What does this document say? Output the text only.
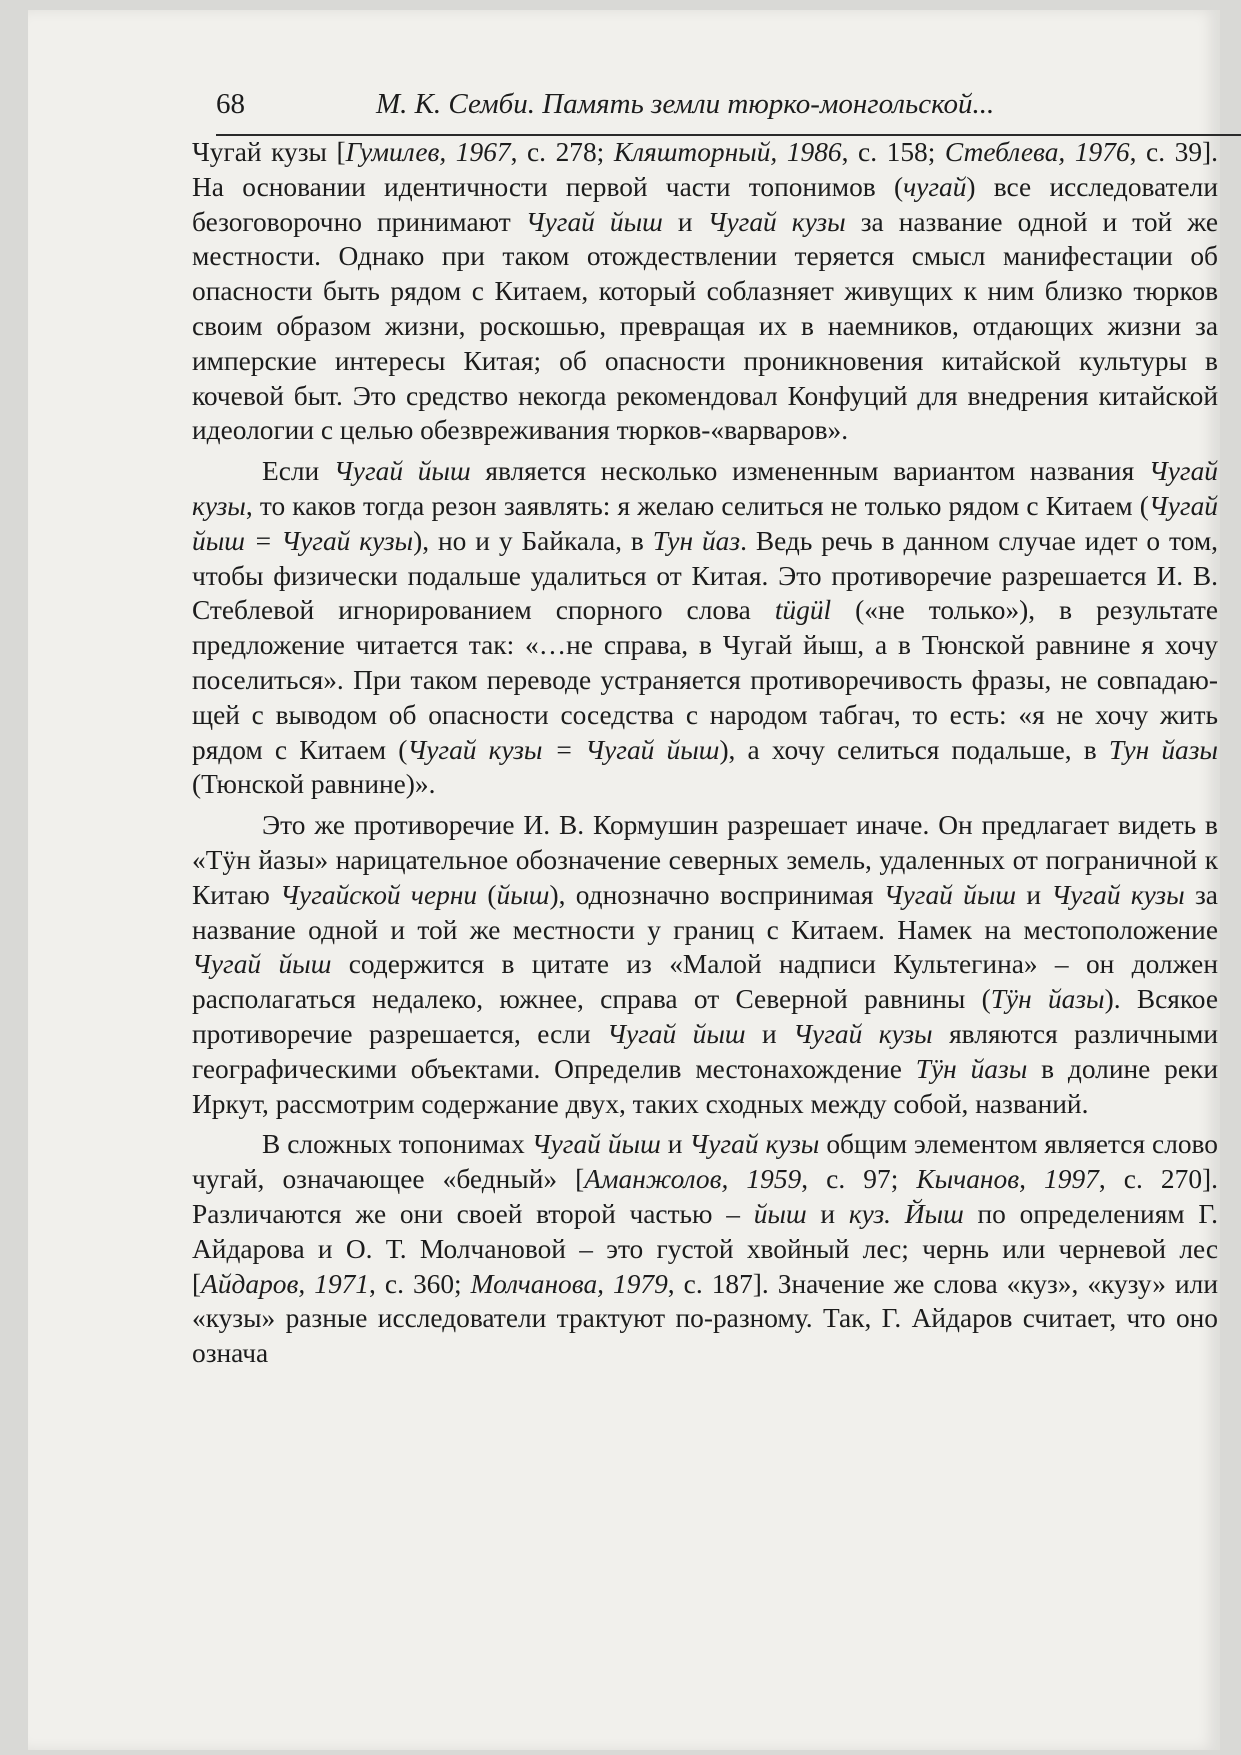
68	М. К. Семби. Память земли тюрко-монгольской...

Чугай кузы [Гумилев, 1967, с. 278; Кляшторный, 1986, с. 158; Стеблева, 1976, с. 39]. На основании идентичности первой части топонимов (чугай) все исследователи безоговорочно принимают Чугай йыш и Чугай кузы за название одной и той же местности. Однако при таком отождествлении теряется смысл манифестации об опасности быть рядом с Китаем, который соблазняет живущих к ним близко тюрков своим образом жизни, роскошью, превращая их в наемников, отдающих жизни за имперские интересы Китая; об опасности проникновения китайской культуры в кочевой быт. Это средство некогда рекомендовал Конфуций для внедрения китайской идеологии с целью обезвреживания тюрков-«варваров».

Если Чугай йыш является несколько измененным вариантом названия Чугай кузы, то каков тогда резон заявлять: я желаю селиться не только рядом с Китаем (Чугай йыш = Чугай кузы), но и у Байкала, в Тун йаз. Ведь речь в данном случае идет о том, чтобы физически подальше удалиться от Китая. Это противоречие разрешается И. В. Стеблевой игнорированием спорного слова tügül («не только»), в результате предложение читается так: «…не справа, в Чугай йыш, а в Тюнской равнине я хочу поселиться». При таком переводе устраняется противоречивость фразы, не совпадающей с выводом об опасности соседства с народом табгач, то есть: «я не хочу жить рядом с Китаем (Чугай кузы = Чугай йыш), а хочу селиться подальше, в Тун йазы (Тюнской равнине)».

Это же противоречие И. В. Кормушин разрешает иначе. Он предлагает видеть в «Тӱн йазы» нарицательное обозначение северных земель, удаленных от пограничной к Китаю Чугайской черни (йыш), однозначно воспринимая Чугай йыш и Чугай кузы за название одной и той же местности у границ с Китаем. Намек на местоположение Чугай йыш содержится в цитате из «Малой надписи Культегина» – он должен располагаться недалеко, южнее, справа от Северной равнины (Тӱн йазы). Всякое противоречие разрешается, если Чугай йыш и Чугай кузы являются различными географическими объектами. Определив местонахождение Тӱн йазы в долине реки Иркут, рассмотрим содержание двух, таких сходных между собой, названий.

В сложных топонимах Чугай йыш и Чугай кузы общим элементом является слово чугай, означающее «бедный» [Аманжолов, 1959, с. 97; Кычанов, 1997, с. 270]. Различаются же они своей второй частью – йыш и куз. Йыш по определениям Г. Айдарова и О. Т. Молчановой – это густой хвойный лес; чернь или черневой лес [Айдаров, 1971, с. 360; Молчанова, 1979, с. 187]. Значение же слова «куз», «кузу» или «кузы» разные исследователи трактуют по-разному. Так, Г. Айдаров считает, что оно означа
